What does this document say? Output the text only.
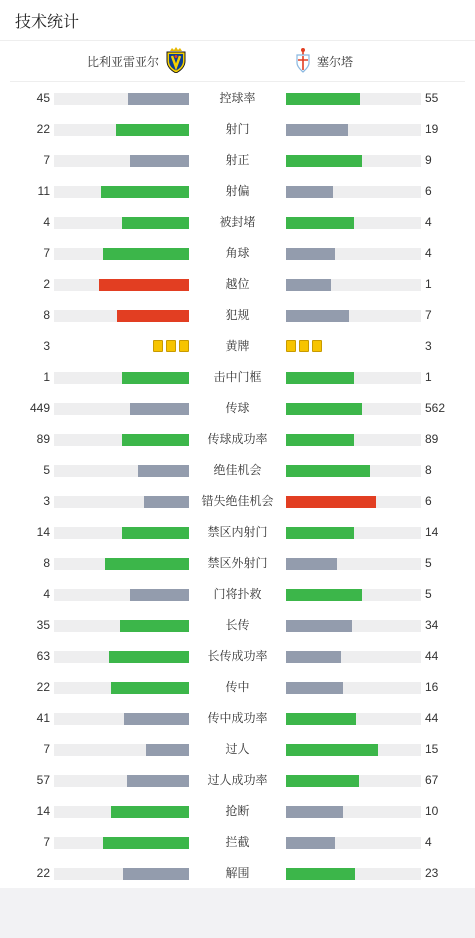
技术统计
比利亚雷亚尔	塞尔塔
45	控球率	55
22	射门	19
7	射正	9
11	射偏	6
4	被封堵	4
7	角球	4
2	越位	1
8	犯规	7
3	黄牌	3
1	击中门框	1
449	传球	562
89	传球成功率	89
5	绝佳机会	8
3	错失绝佳机会	6
14	禁区内射门	14
8	禁区外射门	5
4	门将扑救	5
35	长传	34
63	长传成功率	44
22	传中	16
41	传中成功率	44
7	过人	15
57	过人成功率	67
14	抢断	10
7	拦截	4
22	解围	23
